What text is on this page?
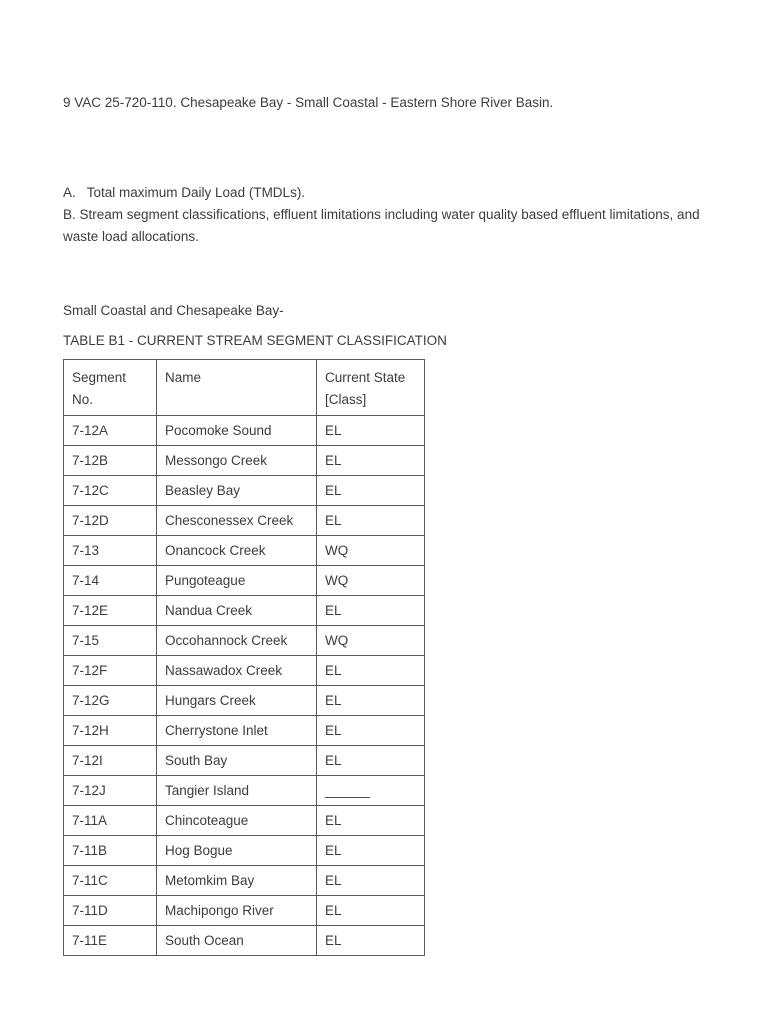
9 VAC 25-720-110. Chesapeake Bay - Small Coastal - Eastern Shore River Basin.

A.   Total maximum Daily Load (TMDLs).
B. Stream segment classifications, effluent limitations including water quality based effluent limitations, and waste load allocations.

Small Coastal and Chesapeake Bay-
TABLE B1 - CURRENT STREAM SEGMENT CLASSIFICATION
Segment No.	Name	Current State
[Class]
7-12A	Pocomoke Sound	EL
7-12B	Messongo Creek	EL
7-12C	Beasley Bay	EL
7-12D	Chesconessex Creek	EL
7-13	Onancock Creek	WQ
7-14	Pungoteague	WQ
7-12E	Nandua Creek	EL
7-15	Occohannock Creek	WQ
7-12F	Nassawadox Creek	EL
7-12G	Hungars Creek	EL
7-12H	Cherrystone Inlet	EL
7-12I	South Bay	EL
7-12J	Tangier Island	______
7-11A	Chincoteague	EL
7-11B	Hog Bogue	EL
7-11C	Metomkim Bay	EL
7-11D	Machipongo River	EL
7-11E	South Ocean	EL
